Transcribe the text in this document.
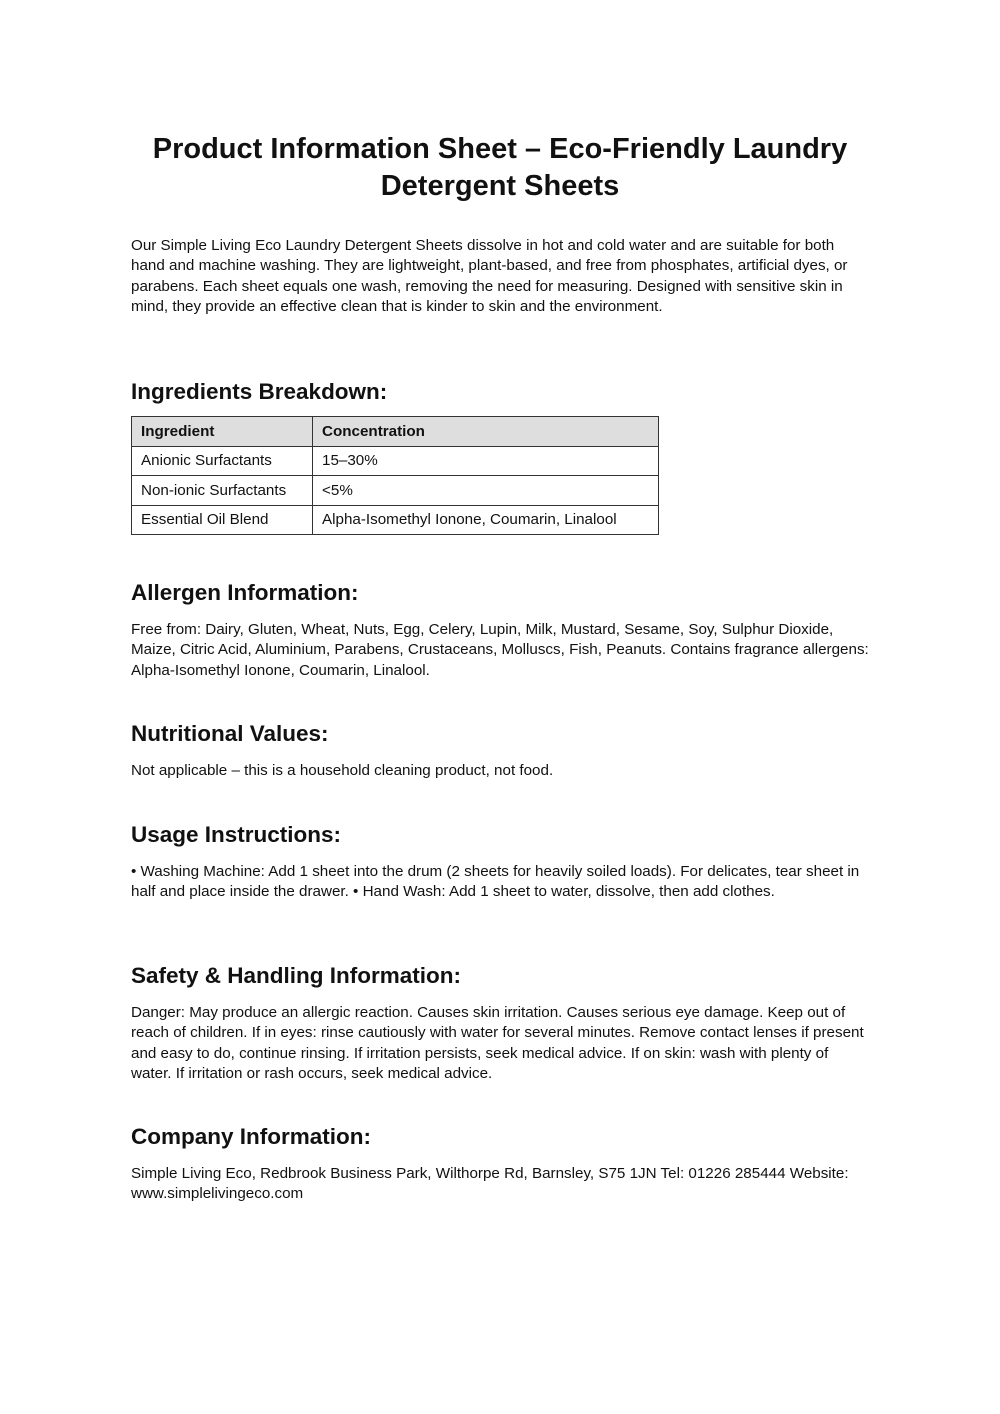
Product Information Sheet – Eco-Friendly Laundry Detergent Sheets

Our Simple Living Eco Laundry Detergent Sheets dissolve in hot and cold water and are suitable for both hand and machine washing. They are lightweight, plant-based, and free from phosphates, artificial dyes, or parabens. Each sheet equals one wash, removing the need for measuring. Designed with sensitive skin in mind, they provide an effective clean that is kinder to skin and the environment.

Ingredients Breakdown:
Ingredient	Concentration
Anionic Surfactants	15–30%
Non-ionic Surfactants	<5%
Essential Oil Blend	Alpha-Isomethyl Ionone, Coumarin, Linalool
Allergen Information:

Free from: Dairy, Gluten, Wheat, Nuts, Egg, Celery, Lupin, Milk, Mustard, Sesame, Soy, Sulphur Dioxide, Maize, Citric Acid, Aluminium, Parabens, Crustaceans, Molluscs, Fish, Peanuts. Contains fragrance allergens: Alpha-Isomethyl Ionone, Coumarin, Linalool.

Nutritional Values:

Not applicable – this is a household cleaning product, not food.

Usage Instructions:

• Washing Machine: Add 1 sheet into the drum (2 sheets for heavily soiled loads). For delicates, tear sheet in half and place inside the drawer. • Hand Wash: Add 1 sheet to water, dissolve, then add clothes.

Safety & Handling Information:

Danger: May produce an allergic reaction. Causes skin irritation. Causes serious eye damage. Keep out of reach of children. If in eyes: rinse cautiously with water for several minutes. Remove contact lenses if present and easy to do, continue rinsing. If irritation persists, seek medical advice. If on skin: wash with plenty of water. If irritation or rash occurs, seek medical advice.

Company Information:

Simple Living Eco, Redbrook Business Park, Wilthorpe Rd, Barnsley, S75 1JN Tel: 01226 285444 Website: www.simplelivingeco.com
